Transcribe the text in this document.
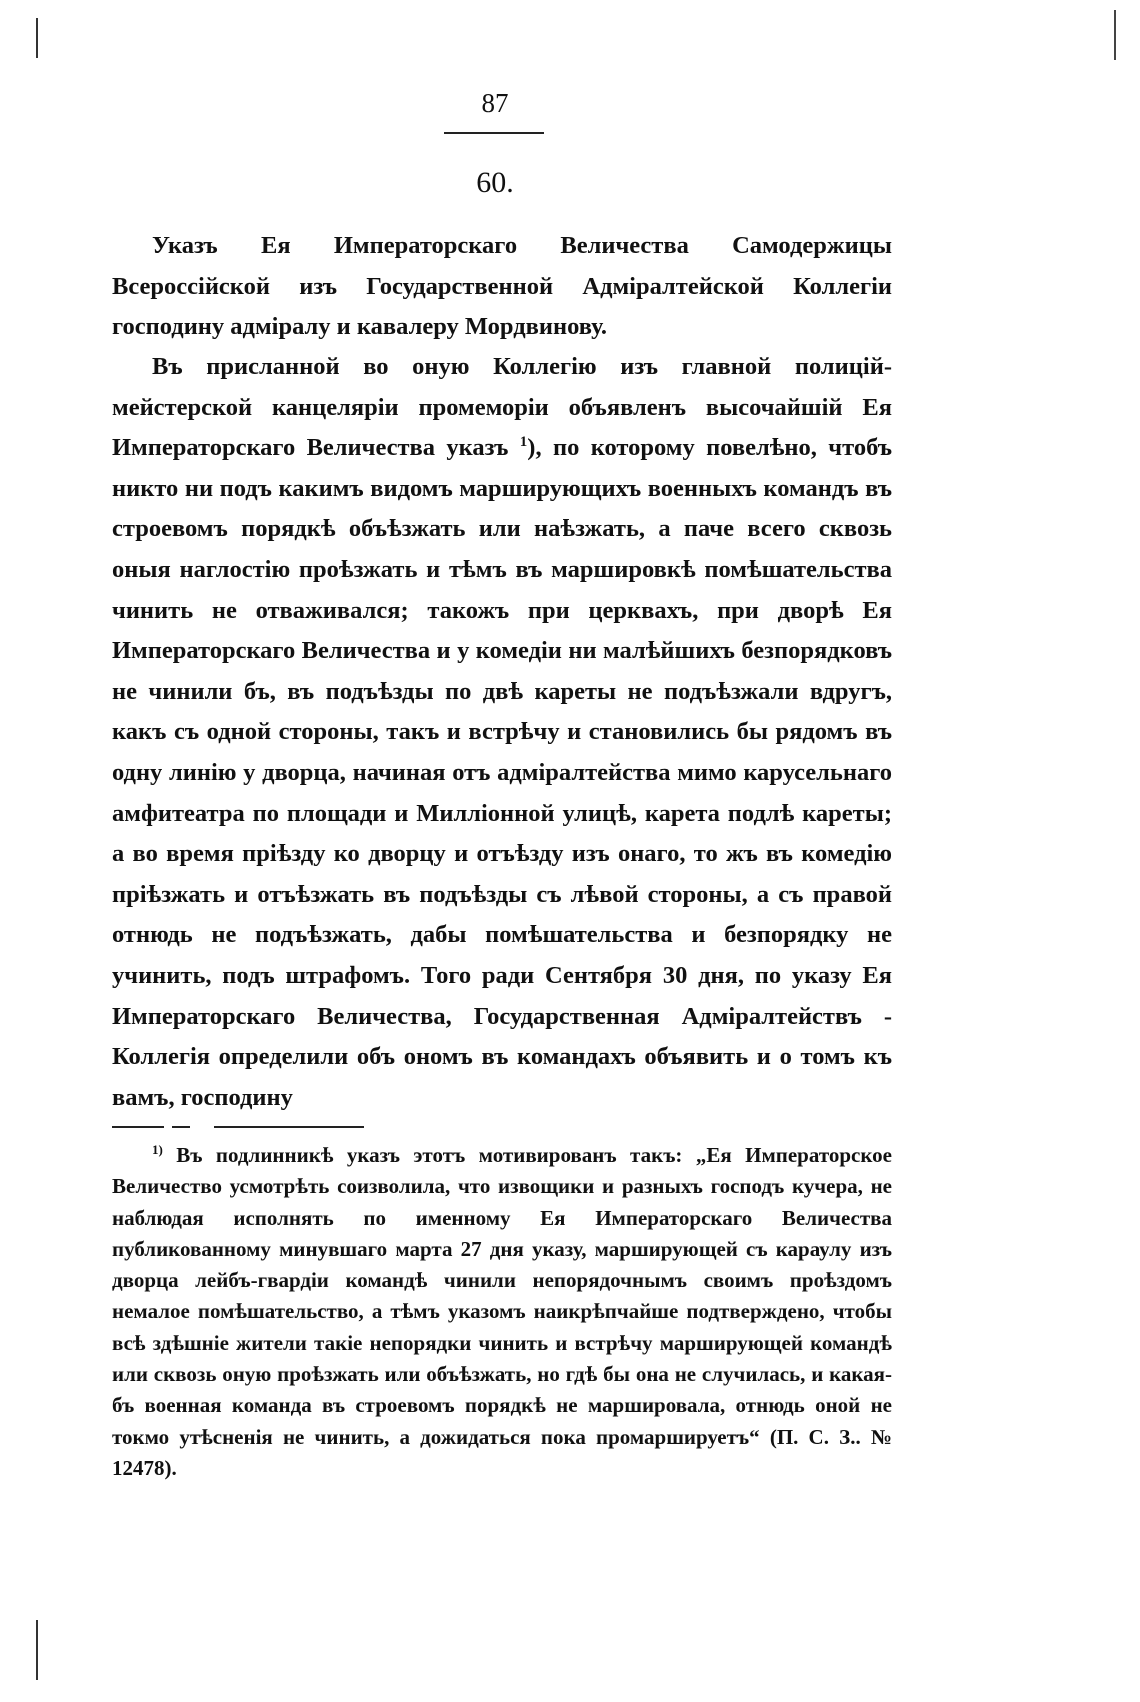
87
60.

Указъ Ея Императорскаго Величества Самодержицы Всероссійской изъ Государственной Адміралтейской Коллегіи господину адміралу и кавалеру Мордвинову.

Въ присланной во оную Коллегію изъ главной полицій-мейстерской канцеляріи промеморіи объявленъ высочайшій Ея Императорскаго Величества указъ $^1$), по которому повелѣно, чтобъ никто ни подъ какимъ видомъ марширующихъ военныхъ командъ въ строевомъ порядкѣ объѣзжать или наѣзжать, а паче всего сквозь оныя наглостію проѣзжать и тѣмъ въ маршировкѣ помѣшательства чинить не отваживался; такожъ при церквахъ, при дворѣ Ея Императорскаго Величества и у комедіи ни малѣйшихъ безпорядковъ не чинили бъ, въ подъѣзды по двѣ кареты не подъѣзжали вдругъ, какъ съ одной стороны, такъ и встрѣчу и становились бы рядомъ въ одну линію у дворца, начиная отъ адміралтейства мимо карусельнаго амфитеатра по площади и Милліонной улицѣ, карета подлѣ кареты; а во время пріѣзду ко дворцу и отъѣзду изъ онаго, то жъ въ комедію пріѣзжать и отъѣзжать въ подъѣзды съ лѣвой стороны, а съ правой отнюдь не подъѣзжать, дабы помѣшательства и безпорядку не учинить, подъ штрафомъ. Того ради Сентября 30 дня, по указу Ея Императорскаго Величества, Государственная Адміралтействъ - Коллегія определили объ ономъ въ командахъ объявить и о томъ къ вамъ, господину

$^{1)}$ Въ подлинникѣ указъ этотъ мотивированъ такъ: „Ея Императорское Величество усмотрѣть соизволила, что извощики и разныхъ господъ кучера, не наблюдая исполнять по именному Ея Императорскаго Величества публикованному минувшаго марта 27 дня указу, марширующей съ караулу изъ дворца лейбъ-гвардіи командѣ чинили непорядочнымъ своимъ проѣздомъ немалое помѣшательство, а тѣмъ указомъ наикрѣпчайше подтверждено, чтобы всѣ здѣшніе жители такіе непорядки чинить и встрѣчу марширующей командѣ или сквозь оную проѣзжать или объѣзжать, но гдѣ бы она не случилась, и какая-бъ военная команда въ строевомъ порядкѣ не маршировала, отнюдь оной не токмо утѣсненія не чинить, а дожидаться пока промаршируетъ“ (П. С. З.. № 12478).
